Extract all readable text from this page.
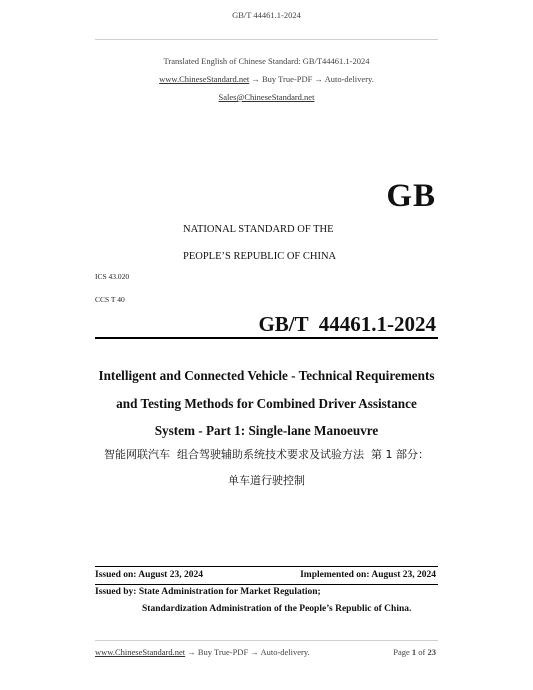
GB/T 44461.1-2024
Translated English of Chinese Standard: GB/T44461.1-2024
www.ChineseStandard.net → Buy True-PDF → Auto-delivery.
Sales@ChineseStandard.net
GB
NATIONAL STANDARD OF THE
PEOPLE’S REPUBLIC OF CHINA
ICS 43.020
CCS T 40
GB/T  44461.1-2024
Intelligent and Connected Vehicle - Technical Requirements
and Testing Methods for Combined Driver Assistance
System - Part 1: Single-lane Manoeuvre
智能网联汽车  组合驾驶辅助系统技术要求及试验方法  第 1 部分：
单车道行驶控制
Issued on: August 23, 2024	Implemented on: August 23, 2024
Issued by: State Administration for Market Regulation;
Standardization Administration of the People’s Republic of China.
www.ChineseStandard.net → Buy True-PDF → Auto-delivery.	Page 1 of 23
